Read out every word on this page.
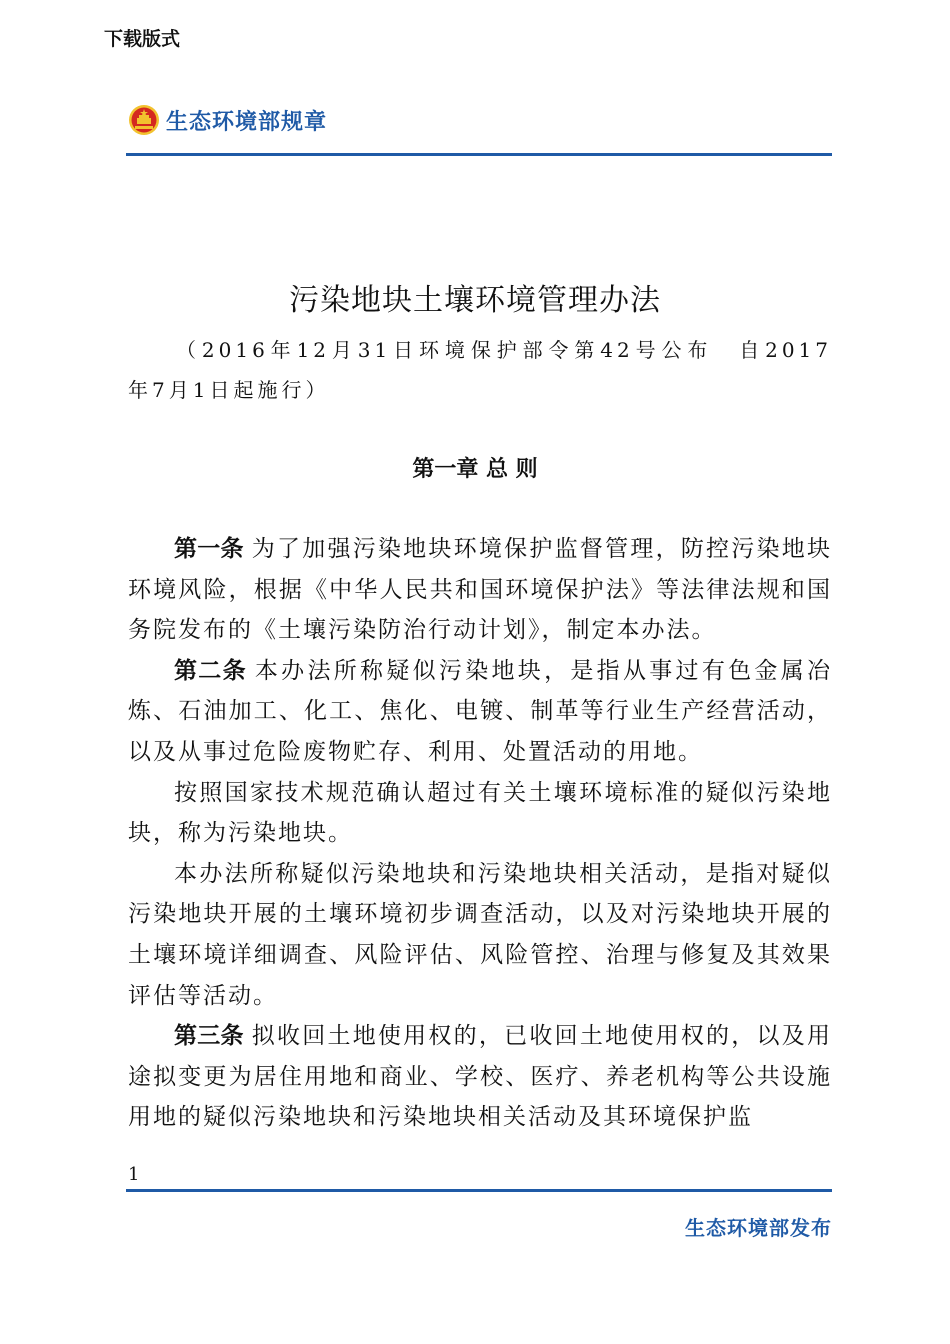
下载版式
生态环境部规章
污染地块土壤环境管理办法
（2016年12月31日环境保护部令第42号公布　自2017
年7月1日起施行）
第一章 总 则

第一条 为了加强污染地块环境保护监督管理，防控污染地块环境风险，根据《中华人民共和国环境保护法》等法律法规和国务院发布的《土壤污染防治行动计划》，制定本办法。

第二条 本办法所称疑似污染地块，是指从事过有色金属冶炼、石油加工、化工、焦化、电镀、制革等行业生产经营活动，以及从事过危险废物贮存、利用、处置活动的用地。

按照国家技术规范确认超过有关土壤环境标准的疑似污染地块，称为污染地块。

本办法所称疑似污染地块和污染地块相关活动，是指对疑似污染地块开展的土壤环境初步调查活动，以及对污染地块开展的土壤环境详细调查、风险评估、风险管控、治理与修复及其效果评估等活动。

第三条 拟收回土地使用权的，已收回土地使用权的，以及用途拟变更为居住用地和商业、学校、医疗、养老机构等公共设施用地的疑似污染地块和污染地块相关活动及其环境保护监

1
生态环境部发布
